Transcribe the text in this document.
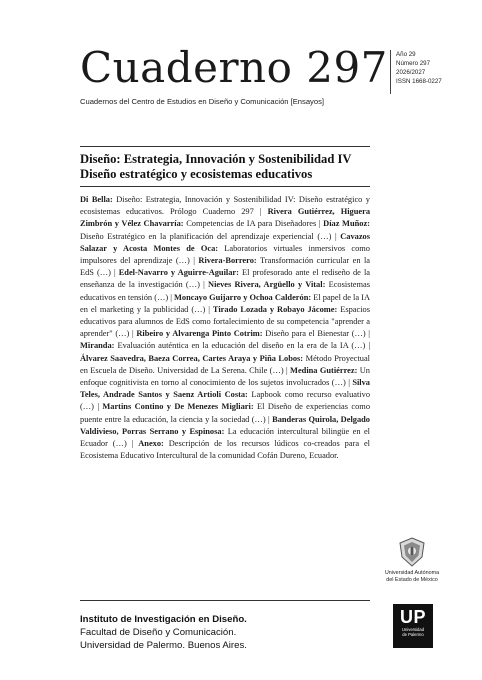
Cuaderno 297
Cuadernos del Centro de Estudios en Diseño y Comunicación [Ensayos]
Año 29
Número 297
2026/2027
ISSN 1668-0227
Diseño: Estrategia, Innovación y Sostenibilidad IV
Diseño estratégico y ecosistemas educativos
Di Bella: Diseño: Estrategia, Innovación y Sostenibilidad IV: Diseño estratégico y ecosistemas educativos. Prólogo Cuaderno 297 | Rivera Gutiérrez, Higuera Zimbrón y Vélez Chavarría: Competencias de IA para Diseñadores | Díaz Muñoz: Diseño Estratégico en la planificación del aprendizaje experiencial (…) | Cavazos Salazar y Acosta Montes de Oca: Laboratorios virtuales inmersivos como impulsores del aprendizaje (…) | Rivera-Borrero: Transformación curricular en la EdS (…) | Edel-Navarro y Aguirre-Aguilar: El profesorado ante el rediseño de la enseñanza de la investigación (…) | Nieves Rivera, Argüello y Vital: Ecosistemas educativos en tensión (…) | Moncayo Guijarro y Ochoa Calderón: El papel de la IA en el marketing y la publicidad (…) | Tirado Lozada y Robayo Jácome: Espacios educativos para alumnos de EdS como fortalecimiento de su competencia "aprender a aprender" (…) | Ribeiro y Alvarenga Pinto Cotrim: Diseño para el Bienestar (…) | Miranda: Evaluación auténtica en la educación del diseño en la era de la IA (…) | Álvarez Saavedra, Baeza Correa, Cartes Araya y Piña Lobos: Método Proyectual en Escuela de Diseño. Universidad de La Serena. Chile (…) | Medina Gutiérrez: Un enfoque cognitivista en torno al conocimiento de los sujetos involucrados (…) | Silva Teles, Andrade Santos y Saenz Artioli Costa: Lapbook como recurso evaluativo (…) | Martins Contino y De Menezes Migliari: El Diseño de experiencias como puente entre la educación, la ciencia y la sociedad (…) | Banderas Quirola, Delgado Valdivieso, Porras Serrano y Espinosa: La educación intercultural bilingüe en el Ecuador (…) | Anexo: Descripción de los recursos lúdicos co-creados para el Ecosistema Educativo Intercultural de la comunidad Cofán Dureno, Ecuador.
Universidad Autónoma
del Estado de México
Instituto de Investigación en Diseño.
Facultad de Diseño y Comunicación.
Universidad de Palermo. Buenos Aires.
UP
Universidad
de Palermo
